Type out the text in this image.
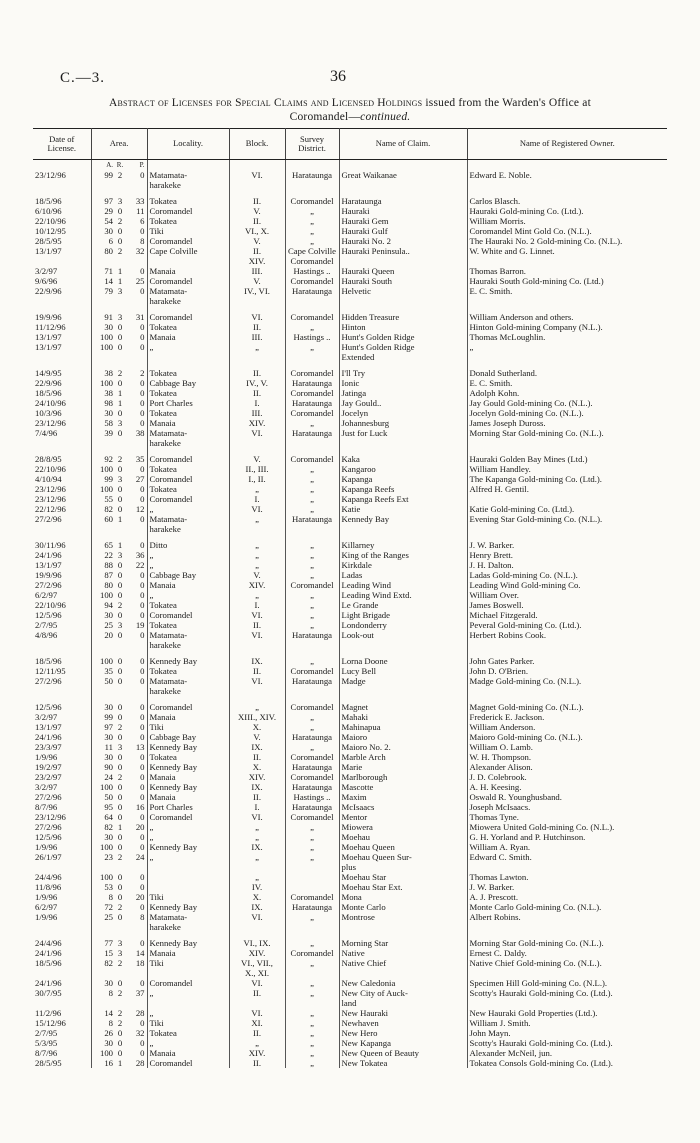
C.—3.	36
Abstract of Licenses for Special Claims and Licensed Holdings issued from the Warden's Office at
Coromandel—continued.
Date of License.	Area.			Locality.	Block.	Survey District.	Name of Claim.	Name of Registered Owner.
	A.	R.	P.					
23/12/96	99	2	0	Matamata-	VI.	Harataunga	Great Waikanae	Edward E. Noble.
				harakeke				

18/5/96	97	3	33	Tokatea	II.	Coromandel	Harataunga	Carlos Blasch.
6/10/96	29	0	11	Coromandel	V.	„	Hauraki	Hauraki Gold-mining Co. (Ltd.).
22/10/96	54	2	6	Tokatea	II.	„	Hauraki Gem	William Morris.
10/12/95	30	0	0	Tiki	VI., X.	„	Hauraki Gulf	Coromandel Mint Gold Co. (N.L.).
28/5/95	6	0	8	Coromandel	V.	„	Hauraki No. 2	The Hauraki No. 2 Gold-mining Co. (N.L.).
13/1/97	80	2	32	Cape Colville	II.	Cape Colville	Hauraki Peninsula..	W. White and G. Linnet.
					XIV.	Coromandel		
3/2/97	71	1	0	Manaia	III.	Hastings ..	Hauraki Queen	Thomas Barron.
9/6/96	14	1	25	Coromandel	V.	Coromandel	Hauraki South	Hauraki South Gold-mining Co. (Ltd.)
22/9/96	79	3	0	Matamata-	IV., VI.	Harataunga	Helvetic	E. C. Smith.
				harakeke				

19/9/96	91	3	31	Coromandel	VI.	Coromandel	Hidden Treasure	William Anderson and others.
11/12/96	30	0	0	Tokatea	II.	„	Hinton	Hinton Gold-mining Company (N.L.).
13/1/97	100	0	0	Manaia	III.	Hastings ..	Hunt's Golden Ridge	Thomas McLoughlin.
13/1/97	100	0	0	„	„	„	Hunt's Golden Ridge	„
							Extended	

14/9/95	38	2	2	Tokatea	II.	Coromandel	I'll Try	Donald Sutherland.
22/9/96	100	0	0	Cabbage Bay	IV., V.	Harataunga	Ionic	E. C. Smith.
18/5/96	38	1	0	Tokatea	II.	Coromandel	Jatinga	Adolph Kohn.
24/10/96	98	1	0	Port Charles	I.	Harataunga	Jay Gould..	Jay Gould Gold-mining Co. (N.L.).
10/3/96	30	0	0	Tokatea	III.	Coromandel	Jocelyn	Jocelyn Gold-mining Co. (N.L.).
23/12/96	58	3	0	Manaia	XIV.	„	Johannesburg	James Joseph Duross.
7/4/96	39	0	38	Matamata-	VI.	Harataunga	Just for Luck	Morning Star Gold-mining Co. (N.L.).
				harakeke				

28/8/95	92	2	35	Coromandel	V.	Coromandel	Kaka	Hauraki Golden Bay Mines (Ltd.)
22/10/96	100	0	0	Tokatea	II., III.	„	Kangaroo	William Handley.
4/10/94	99	3	27	Coromandel	I., II.	„	Kapanga	The Kapanga Gold-mining Co. (Ltd.).
23/12/96	100	0	0	Tokatea	„	„	Kapanga Reefs	Alfred H. Gentil.
23/12/96	55	0	0	Coromandel	I.	„	Kapanga Reefs Ext	
22/12/96	82	0	12	„	VI.	„	Katie	Katie Gold-mining Co. (Ltd.).
27/2/96	60	1	0	Matamata-	„	Harataunga	Kennedy Bay	Evening Star Gold-mining Co. (N.L.).
				harakeke				

30/11/96	65	1	0	Ditto	„	„	Killarney	J. W. Barker.
24/1/96	22	3	36	„	„	„	King of the Ranges	Henry Brett.
13/1/97	88	0	22	„	„	„	Kirkdale	J. H. Dalton.
19/9/96	87	0	0	Cabbage Bay	V.	„	Ladas	Ladas Gold-mining Co. (N.L.).
27/2/96	80	0	0	Manaia	XIV.	Coromandel	Leading Wind	Leading Wind Gold-mining Co.
6/2/97	100	0	0	„	„	„	Leading Wind Extd.	William Over.
22/10/96	94	2	0	Tokatea	I.	„	Le Grande	James Boswell.
12/5/96	30	0	0	Coromandel	VI.	„	Light Brigade	Michael Fitzgerald.
2/7/95	25	3	19	Tokatea	II.	„	Londonderry	Peveral Gold-mining Co. (Ltd.).
4/8/96	20	0	0	Matamata-	VI.	Harataunga	Look-out	Herbert Robins Cook.
				harakeke				

18/5/96	100	0	0	Kennedy Bay	IX.	„	Lorna Doone	John Gates Parker.
12/11/95	35	0	0	Tokatea	II.	Coromandel	Lucy Bell	John D. O'Brien.
27/2/96	50	0	0	Matamata-	VI.	Harataunga	Madge	Madge Gold-mining Co. (N.L.).
				harakeke				

12/5/96	30	0	0	Coromandel	„	Coromandel	Magnet	Magnet Gold-mining Co. (N.L.).
3/2/97	99	0	0	Manaia	XIII., XIV.	„	Mahaki	Frederick E. Jackson.
13/1/97	97	2	0	Tiki	X.	„	Mahinapua	William Anderson.
24/1/96	30	0	0	Cabbage Bay	V.	Harataunga	Maioro	Maioro Gold-mining Co. (N.L.).
23/3/97	11	3	13	Kennedy Bay	IX.	„	Maioro No. 2.	William O. Lamb.
1/9/96	30	0	0	Tokatea	II.	Coromandel	Marble Arch	W. H. Thompson.
19/2/97	90	0	0	Kennedy Bay	X.	Harataunga	Marie	Alexander Alison.
23/2/97	24	2	0	Manaia	XIV.	Coromandel	Marlborough	J. D. Colebrook.
3/2/97	100	0	0	Kennedy Bay	IX.	Harataunga	Mascotte	A. H. Keesing.
27/2/96	50	0	0	Manaia	II.	Hastings ..	Maxim	Oswald R. Younghusband.
8/7/96	95	0	16	Port Charles	I.	Harataunga	McIsaacs	Joseph McIsaacs.
23/12/96	64	0	0	Coromandel	VI.	Coromandel	Mentor	Thomas Tyne.
27/2/96	82	1	20	„	„	„	Miowera	Miowera United Gold-mining Co. (N.L.).
12/5/96	30	0	0	„	„	„	Moehau	G. H. Yorland and P. Hutchinson.
1/9/96	100	0	0	Kennedy Bay	IX.	„	Moehau Queen	William A. Ryan.
26/1/97	23	2	24	„	„	„	Moehau Queen Sur-	Edward C. Smith.
							plus	
24/4/96	100	0	0		„		Moehau Star	Thomas Lawton.
11/8/96	53	0	0		IV.		Moehau Star Ext.	J. W. Barker.
1/9/96	8	0	20	Tiki	X.	Coromandel	Mona	A. J. Prescott.
6/2/97	72	2	0	Kennedy Bay	IX.	Harataunga	Monte Carlo	Monte Carlo Gold-mining Co. (N.L.).
1/9/96	25	0	8	Matamata-	VI.	„	Montrose	Albert Robins.
				harakeke				

24/4/96	77	3	0	Kennedy Bay	VI., IX.	„	Morning Star	Morning Star Gold-mining Co. (N.L.).
24/1/96	15	3	14	Manaia	XIV.	Coromandel	Native	Ernest C. Daldy.
18/5/96	82	2	18	Tiki	VI., VII.,	„	Native Chief	Native Chief Gold-mining Co. (N.L.).
					X., XI.			
24/1/96	30	0	0	Coromandel	VI.	„	New Caledonia	Specimen Hill Gold-mining Co. (N.L.).
30/7/95	8	2	37	„	II.	„	New City of Auck-	Scotty's Hauraki Gold-mining Co. (Ltd.).
							land	
11/2/96	14	2	28	„	VI.	„	New Hauraki	New Hauraki Gold Properties (Ltd.).
15/12/96	8	2	0	Tiki	XI.	„	Newhaven	William J. Smith.
2/7/95	26	0	32	Tokatea	II.	„	New Hero	John Mayn.
5/3/95	30	0	0	„	„	„	New Kapanga	Scotty's Hauraki Gold-mining Co. (Ltd.).
8/7/96	100	0	0	Manaia	XIV.	„	New Queen of Beauty	Alexander McNeil, jun.
28/5/95	16	1	28	Coromandel	II.	„	New Tokatea	Tokatea Consols Gold-mining Co. (Ltd.).
